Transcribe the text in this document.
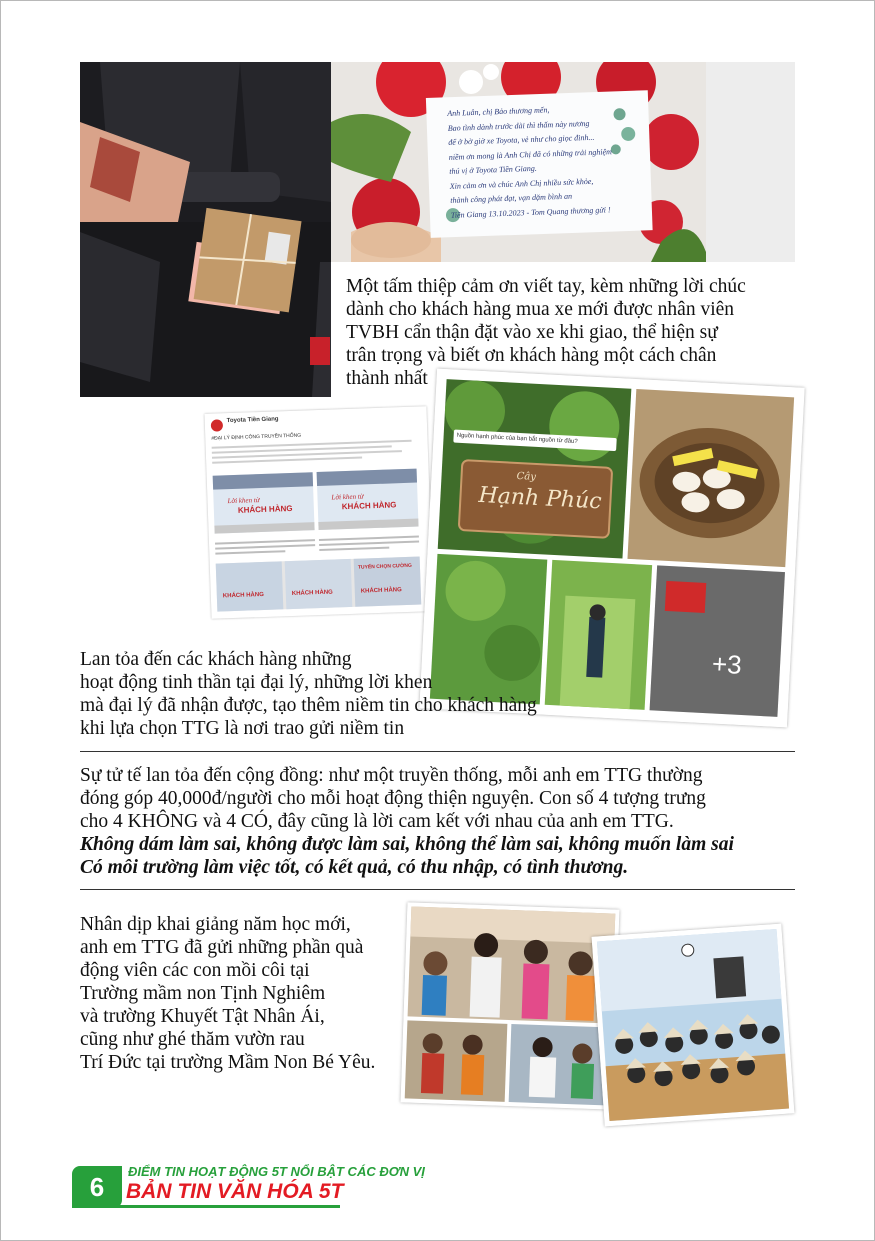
Anh Luân, chị Bảo thương mến,
Bao tình dành trước dài thì thấm này nương
để ở bờ giờ xe Toyota, vẻ như cho giọc đinh...
niềm ơn mong là Anh Chị đã có những trải nghiệm
thú vị ở Toyota Tiền Giang.
Xin cảm ơn và chúc Anh Chị nhiều sức khỏe,
thành công phát đạt, vạn dặm bình an
Tiền Giang 13.10.2023 - Tom Quang thương gửi !
Một tấm thiệp cảm ơn viết tay, kèm những lời chúc
dành cho khách hàng mua xe mới được nhân viên
TVBH cẩn thận đặt vào xe khi giao, thể hiện sự
trân trọng và biết ơn khách hàng một cách chân
thành nhất
Toyota Tiền Giang
#ĐẠI LÝ ĐỊNH CÔNG TRUYỀN THỐNG
Lời khen từ
KHÁCH HÀNG
Lời khen từ
KHÁCH HÀNG
TUYỂN CHỌN CƯỜNG
KHÁCH HÀNG	KHÁCH HÀNG	KHÁCH HÀNG
Nguồn hạnh phúc của bạn bắt nguồn từ đâu?
Cây
Hạnh Phúc
+3
Lan tỏa đến các khách hàng những
hoạt động tinh thần tại đại lý, những lời khen
mà đại lý đã nhận được, tạo thêm niềm tin cho khách hàng
khi lựa chọn TTG là nơi trao gửi niềm tin
Sự tử tế lan tỏa đến cộng đồng: như một truyền thống, mỗi anh em TTG thường
đóng góp 40,000đ/người cho mỗi hoạt động thiện nguyện. Con số 4 tượng trưng
cho 4 KHÔNG và 4 CÓ, đây cũng là lời cam kết với nhau của anh em TTG.
Không dám làm sai, không được làm sai, không thể làm sai, không muốn làm sai
Có môi trường làm việc tốt, có kết quả, có thu nhập, có tình thương.
Nhân dịp khai giảng năm học mới,
anh em TTG đã gửi những phần quà
động viên các con mồi côi tại
Trường mầm non Tịnh Nghiêm
và trường Khuyết Tật Nhân Ái,
cũng như ghé thăm vườn rau
Trí Đức tại trường Mầm Non Bé Yêu.
6
ĐIỂM TIN HOẠT ĐỘNG 5T NỔI BẬT CÁC ĐƠN VỊ
BẢN TIN VĂN HÓA 5T
